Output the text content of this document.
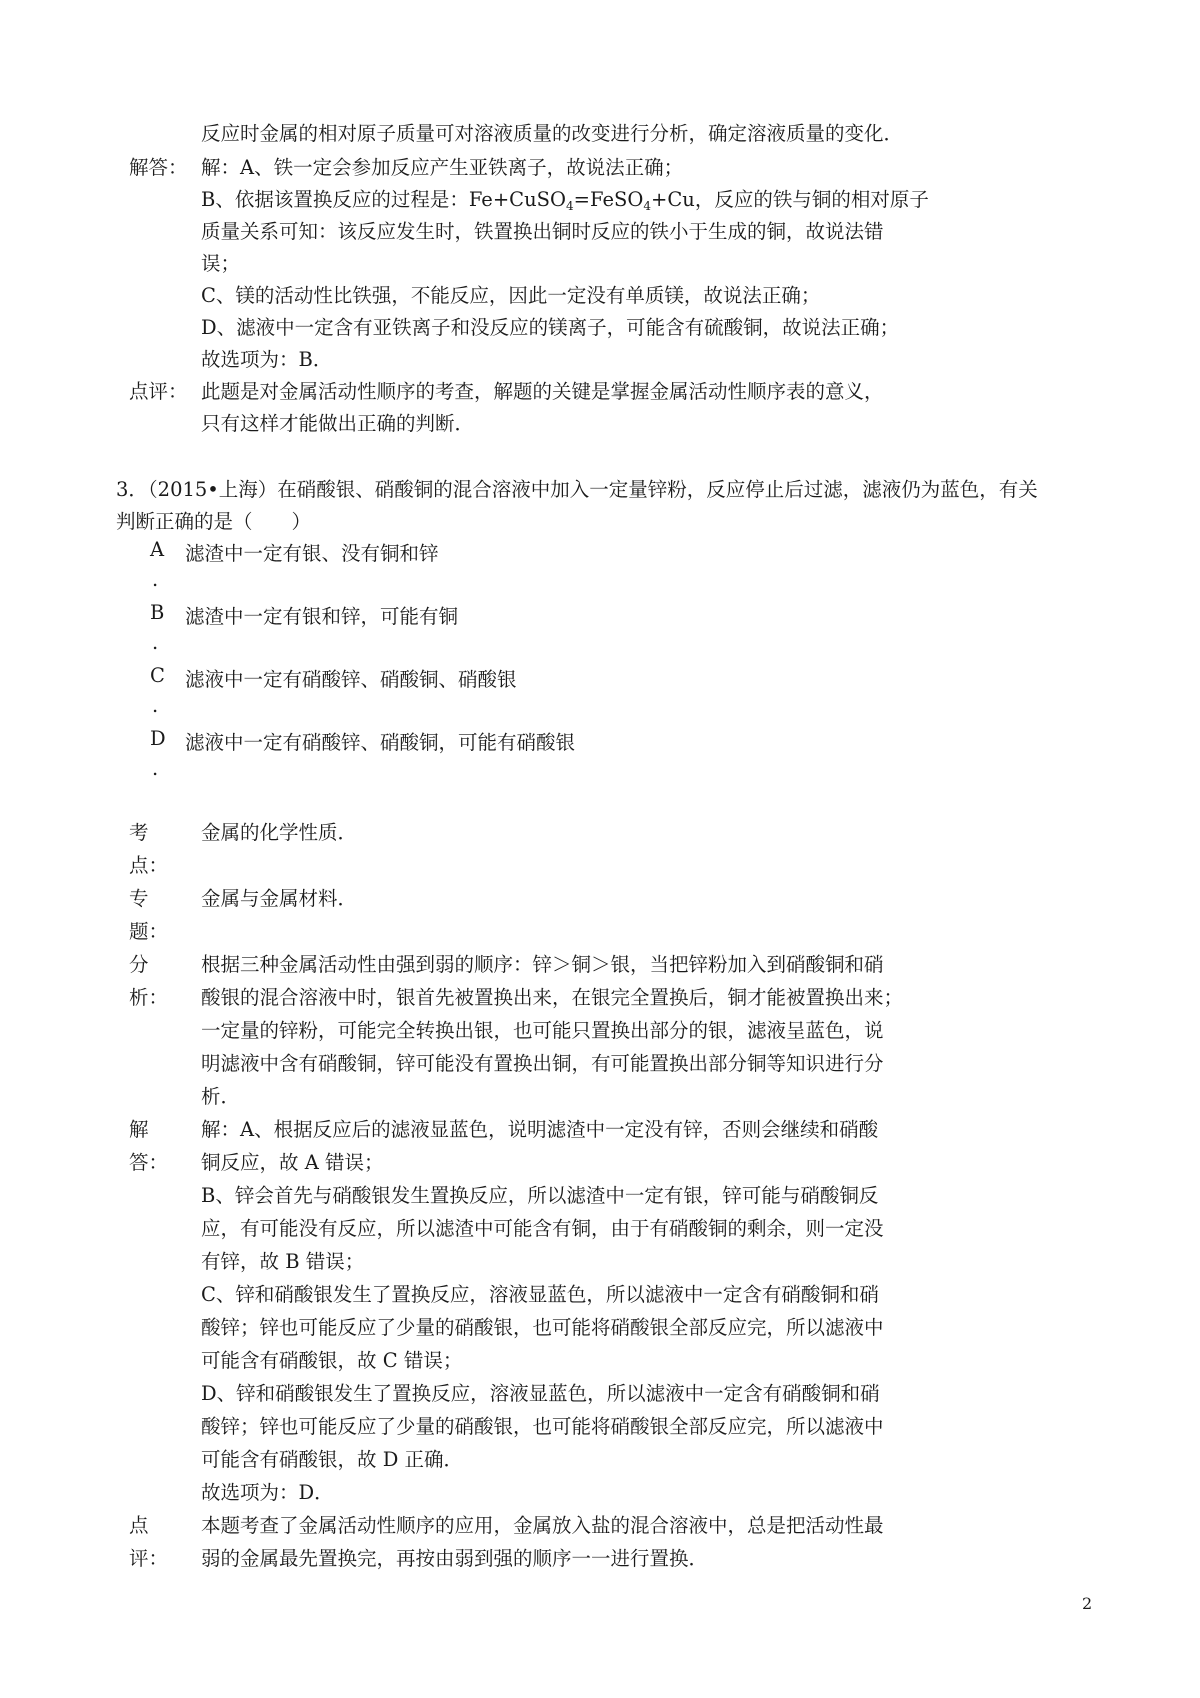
反应时金属的相对原子质量可对溶液质量的改变进行分析，确定溶液质量的变化．
解答： 解：A、铁一定会参加反应产生亚铁离子，故说法正确；
B、依据该置换反应的过程是：Fe+CuSO$_4$=FeSO$_4$+Cu，反应的铁与铜的相对原子
质量关系可知：该反应发生时，铁置换出铜时反应的铁小于生成的铜，故说法错
误；
C、镁的活动性比铁强，不能反应，因此一定没有单质镁，故说法正确；
D、滤液中一定含有亚铁离子和没反应的镁离子，可能含有硫酸铜，故说法正确；
故选项为：B．
点评： 此题是对金属活动性顺序的考查，解题的关键是掌握金属活动性顺序表的意义，
只有这样才能做出正确的判断．
3．（2015•上海）在硝酸银、硝酸铜的混合溶液中加入一定量锌粉，反应停止后过滤，滤液仍为蓝色，有关
判断正确的是（　　）
A 滤渣中一定有银、没有铜和锌
.
B 滤渣中一定有银和锌，可能有铜
.
C 滤液中一定有硝酸锌、硝酸铜、硝酸银
.
D 滤液中一定有硝酸锌、硝酸铜，可能有硝酸银
.
考
点：
金属的化学性质．
专
题：
金属与金属材料．
分
析：
根据三种金属活动性由强到弱的顺序：锌＞铜＞银，当把锌粉加入到硝酸铜和硝
酸银的混合溶液中时，银首先被置换出来，在银完全置换后，铜才能被置换出来；
一定量的锌粉，可能完全转换出银，也可能只置换出部分的银，滤液呈蓝色，说
明滤液中含有硝酸铜，锌可能没有置换出铜，有可能置换出部分铜等知识进行分
析．
解
答：
解：A、根据反应后的滤液显蓝色，说明滤渣中一定没有锌，否则会继续和硝酸
铜反应，故 A 错误；
B、锌会首先与硝酸银发生置换反应，所以滤渣中一定有银，锌可能与硝酸铜反
应，有可能没有反应，所以滤渣中可能含有铜，由于有硝酸铜的剩余，则一定没
有锌，故 B 错误；
C、锌和硝酸银发生了置换反应，溶液显蓝色，所以滤液中一定含有硝酸铜和硝
酸锌；锌也可能反应了少量的硝酸银，也可能将硝酸银全部反应完，所以滤液中
可能含有硝酸银，故 C 错误；
D、锌和硝酸银发生了置换反应，溶液显蓝色，所以滤液中一定含有硝酸铜和硝
酸锌；锌也可能反应了少量的硝酸银，也可能将硝酸银全部反应完，所以滤液中
可能含有硝酸银，故 D 正确．
故选项为：D．
点
评：
本题考查了金属活动性顺序的应用，金属放入盐的混合溶液中，总是把活动性最
弱的金属最先置换完，再按由弱到强的顺序一一进行置换．
2
